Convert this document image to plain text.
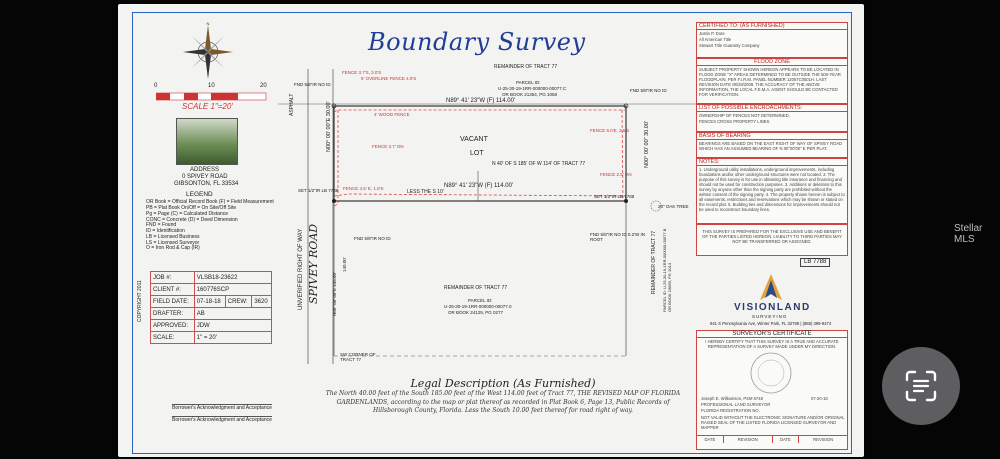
N
Boundary Survey
0	10	20
SCALE 1"=20'
ADDRESS
0 SPIVEY ROAD
GIBSONTON, FL 33534
LEGEND
OR Book = Official Record Book (F) = Field Measurement
PB = Plat Book On/Off = On Site/Off Site
Pg = Page (C) = Calculated Distance
CONC = Concrete (D) = Deed Dimension
FND = Found
ID = Identification
LB = Licensed Business
LS = Licensed Surveyor
O = Iron Rod & Cap (IR)
JOB #:	VLSB18-23622		
CLIENT #:	160776SCP		
FIELD DATE:	07-18-18	CREW:	3620
DRAFTER:	AB		
APPROVED:	JDW		
SCALE:	1" = 20'		
COPYRIGHT 2011
Borrower's Acknowledgment and Acceptance
Borrower's Acknowledgment and Acceptance
REMAINDER OF TRACT 77
PARCEL ID:
U-25-30-19-1RR-000000-00077.C
OR BOOK 21354, PG 1058
N89° 41' 23"W (F) 114.00'
N89° 41' 23"W (F) 114.00'
4' WOOD FENCE
6' OVERLINE FENCE 4.9'S
FENCE 3.7'S, 3.0'S
FENCE 5.0'E, 3.5'S
FENCE 3.7' ON
FENCE 4.5' E, 1.0'S
FENCE 2.5' ON
VACANT
LOT
LESS THE S 10'
N 40' OF S 185' OF W 114' OF TRACT 77
FND 5/8"IR NO ID
FND 5/8"IR NO ID
SET 1/2"IR LB 7788
SET 1/2"IR LB 7788
FND 5/8"IR NO ID
FND 5/8"IR NO ID 0.2'W IN ROOT
20" OAK TREE
ASPHALT
UNVERIFIED RIGHT OF WAY SPIVEY ROAD
N00° 00' 00"E 30.00'	N00° 00' 00" 30.00'
N00° 00' 00"E 145.00'
140.00'
REMAINDER OF TRACT 77
PARCEL ID:
U-25-30-19-1RR-000000-00077.0
OR BOOK 24129, PG 0277
REMAINDER OF TRACT 77 PARCEL ID: U-25-30-19-1RR-000000-00077.B OR BOOK 19859, PG 1014
SW CORNER OF TRACT 77
Legal Description (As Furnished)
The North 40.00 feet of the South 185.00 feet of the West 114.00 feet of Tract 77, THE REVISED MAP OF FLORIDA GARDENLANDS, according to the map or plat thereof as recorded in Plat Book 6, Page 13, Public Records of Hillsborough County, Florida. Less the South 10.00 feet thereof for road right of way.
CERTIFIED TO: (AS FURNISHED)
Justin P. Dore
All American Title
Stewart Title Guaranty Company
FLOOD ZONE
SUBJECT PROPERTY SHOWN HEREON APPEARS TO BE LOCATED IN FLOOD ZONE "X" AREAS DETERMINED TO BE OUTSIDE THE 500-YEAR FLOODPLAIN, PER F.I.R.M. PANEL NUMBER 12057C0501H. LAST REVISION DATE 08/28/2008. THE ACCURACY OF THE ABOVE INFORMATION, THE LOCAL F.E.M.A. AGENT SHOULD BE CONTACTED FOR VERIFICATION.
LIST OF POSSIBLE ENCROACHMENTS:
OWNERSHIP OF FENCES NOT DETERMINED.
FENCES CROSS PROPERTY LINES.
BASIS OF BEARING
BEARINGS ARE BASED ON THE EAST RIGHT OF WAY OF SPIVEY ROAD WHICH HAS AN ASSUMED BEARING OF N 00°00'00" E PER PLAT.
NOTES:
1. Underground utility installations, underground improvements, including foundations and/or other underground structures were not located. 2. The purpose of this survey is for use in obtaining title insurance and financing and should not be used for construction purposes. 3. Additions or deletions to this survey by anyone other than the signing party are prohibited without the written consent of the signing party. 4. The property shown hereon is subject to all easements, restrictions and reservations which may be shown or stated on the record plat. 5. Building ties and dimensions for improvements should not be used to reconstruct boundary lines.
THIS SURVEY IS PREPARED FOR THE EXCLUSIVE USE AND BENEFIT OF THE PARTIES LISTED HEREON. LIABILITY TO THIRD PARTIES MAY NOT BE TRANSFERRED OR ASSIGNED.
LB 7788
VISIONLAND
SURVEYING
941 S Pennsylvania Ave, Winter Park, FL 32789 | (888) 399-9474
SURVEYOR'S CERTIFICATE
I HEREBY CERTIFY THAT THIS SURVEY IS A TRUE AND ACCURATE REPRESENTATION OF A SURVEY MADE UNDER MY DIRECTION.
Joseph E. Williamson, PSM 6748	07-20-18
PROFESSIONAL LAND SURVEYOR
FLORIDA REGISTRATION NO.
NOT VALID WITHOUT THE ELECTRONIC SIGNATURE AND/OR ORIGINAL RAISED SEAL OF THE LISTED FLORIDA LICENSED SURVEYOR AND MAPPER
DATE	REVISION	DATE	REVISION
Stellar MLS
